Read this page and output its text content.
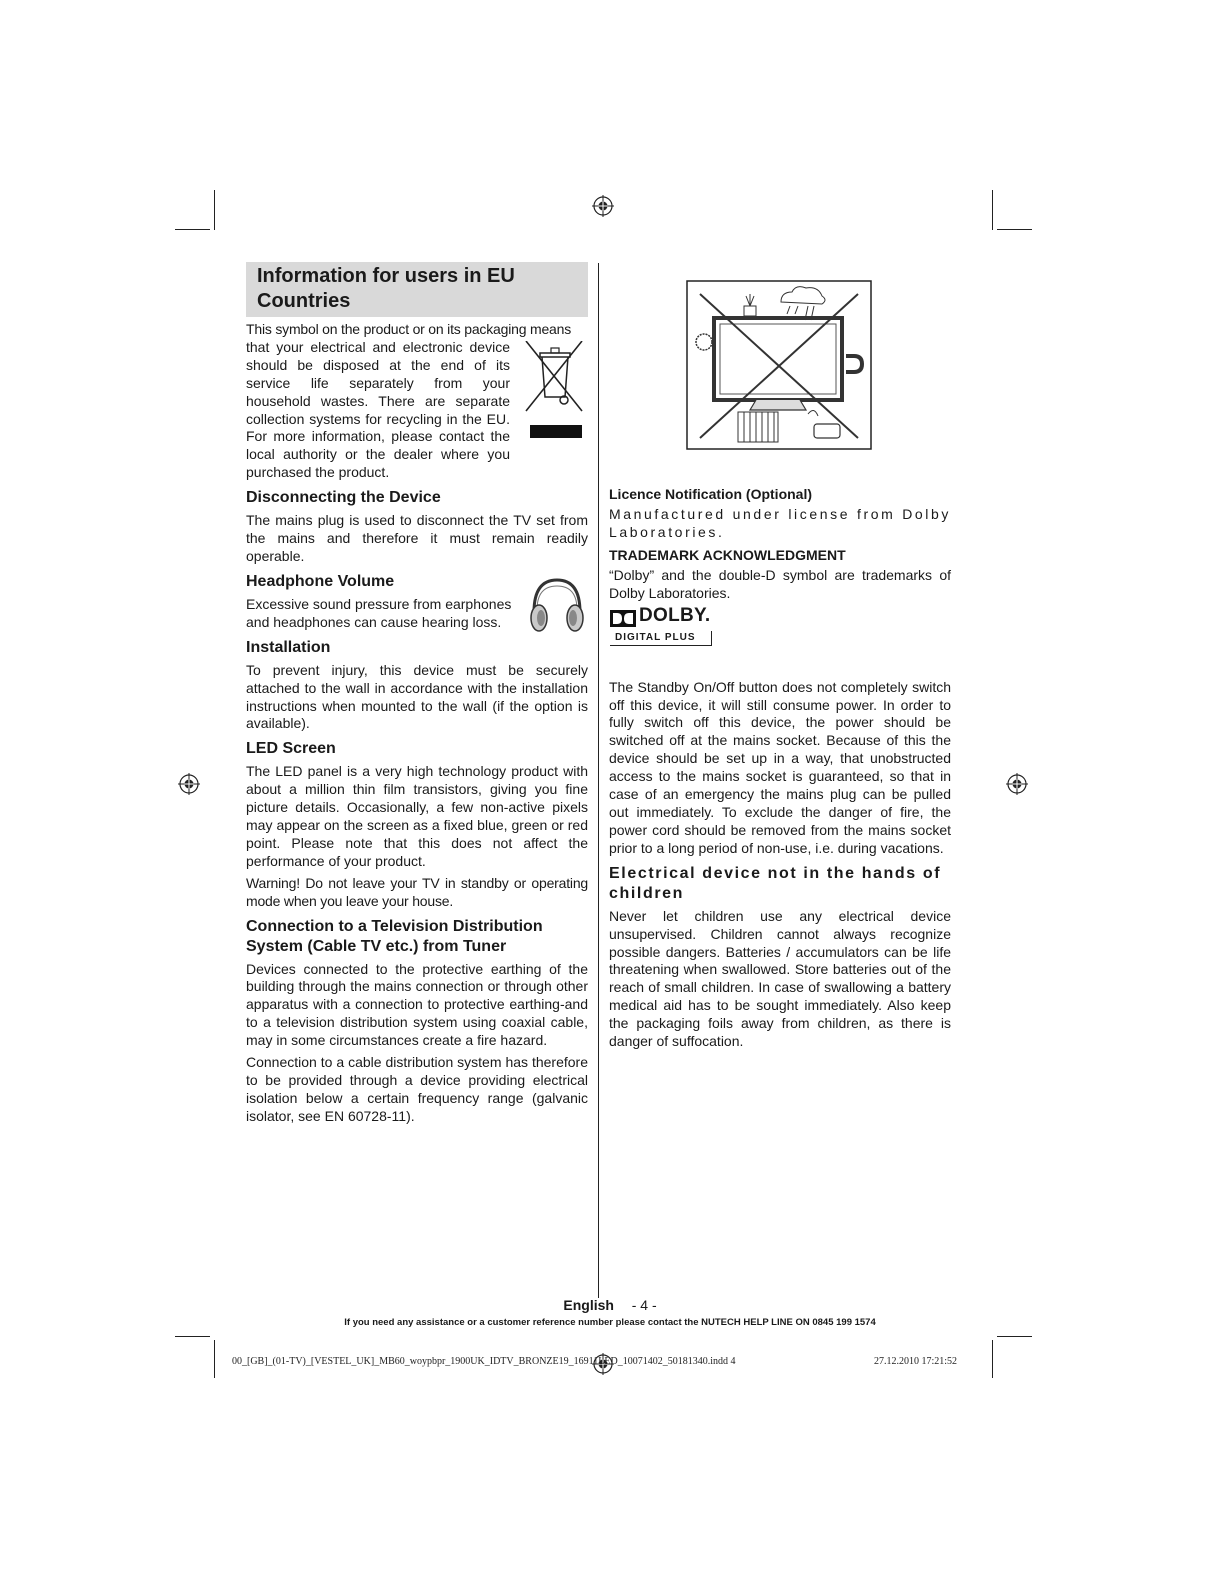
Information for users in EU Countries

This symbol on the product or on its packaging means

that your electrical and electronic device should be disposed at the end of its service life separately from your household wastes. There are separate collection systems for recycling in the EU. For more information, please contact the local authority or the dealer where you purchased the product.

Disconnecting the Device

The mains plug is used to disconnect the TV set from the mains and therefore it must remain readily operable.

Headphone Volume

Excessive sound pressure from earphones and headphones can cause hearing loss.

Installation

To prevent injury, this device must be securely attached to the wall in accordance with the installation instructions when mounted to the wall (if the option is available).

LED Screen

The LED panel is a very high technology product with about a million thin film transistors, giving you fine picture details. Occasionally, a few non-active pixels may appear on the screen as a fixed blue, green or red point. Please note that this does not affect the performance of your product.

Warning! Do not leave your TV in standby or operating mode when you leave your house.

Connection to a Television Distribution System (Cable TV etc.) from Tuner

Devices connected to the protective earthing of the building through the mains connection or through other apparatus with a connection to protective earthing-and to a television distribution system using coaxial cable, may in some circumstances create a fire hazard.

Connection to a cable distribution system has therefore to be provided through a device providing electrical isolation below a certain frequency range (galvanic isolator, see EN 60728-11).

Licence Notification (Optional)

Manufactured under license from Dolby Laboratories.

TRADEMARK ACKNOWLEDGMENT

“Dolby” and the double-D symbol are trademarks of Dolby Laboratories.

DOLBY.
DIGITAL PLUS

The Standby On/Off button does not completely switch off this device, it will still consume power. In order to fully switch off this device, the power should be switched off at the mains socket. Because of this the device should be set up in a way, that unobstructed access to the mains socket is guaranteed, so that in case of an emergency the mains plug can be pulled out immediately. To exclude the danger of fire, the power cord should be removed from the mains socket prior to a long period of non-use, i.e. during vacations.

Electrical device not in the hands of children

Never let children use any electrical device unsupervised. Children cannot always recognize possible dangers. Batteries / accumulators can be life threatening when swallowed. Store batteries out of the reach of small children. In case of swallowing a battery medical aid has to be sought immediately. Also keep the packaging foils away from children, as there is danger of suffocation.

English - 4 -
If you need any assistance or a customer reference number please contact the NUTECH HELP LINE ON 0845 199 1574
00_[GB]_(01-TV)_[VESTEL_UK]_MB60_woypbpr_1900UK_IDTV_BRONZE19_16911LED_10071402_50181340.indd 4	27.12.2010 17:21:52
